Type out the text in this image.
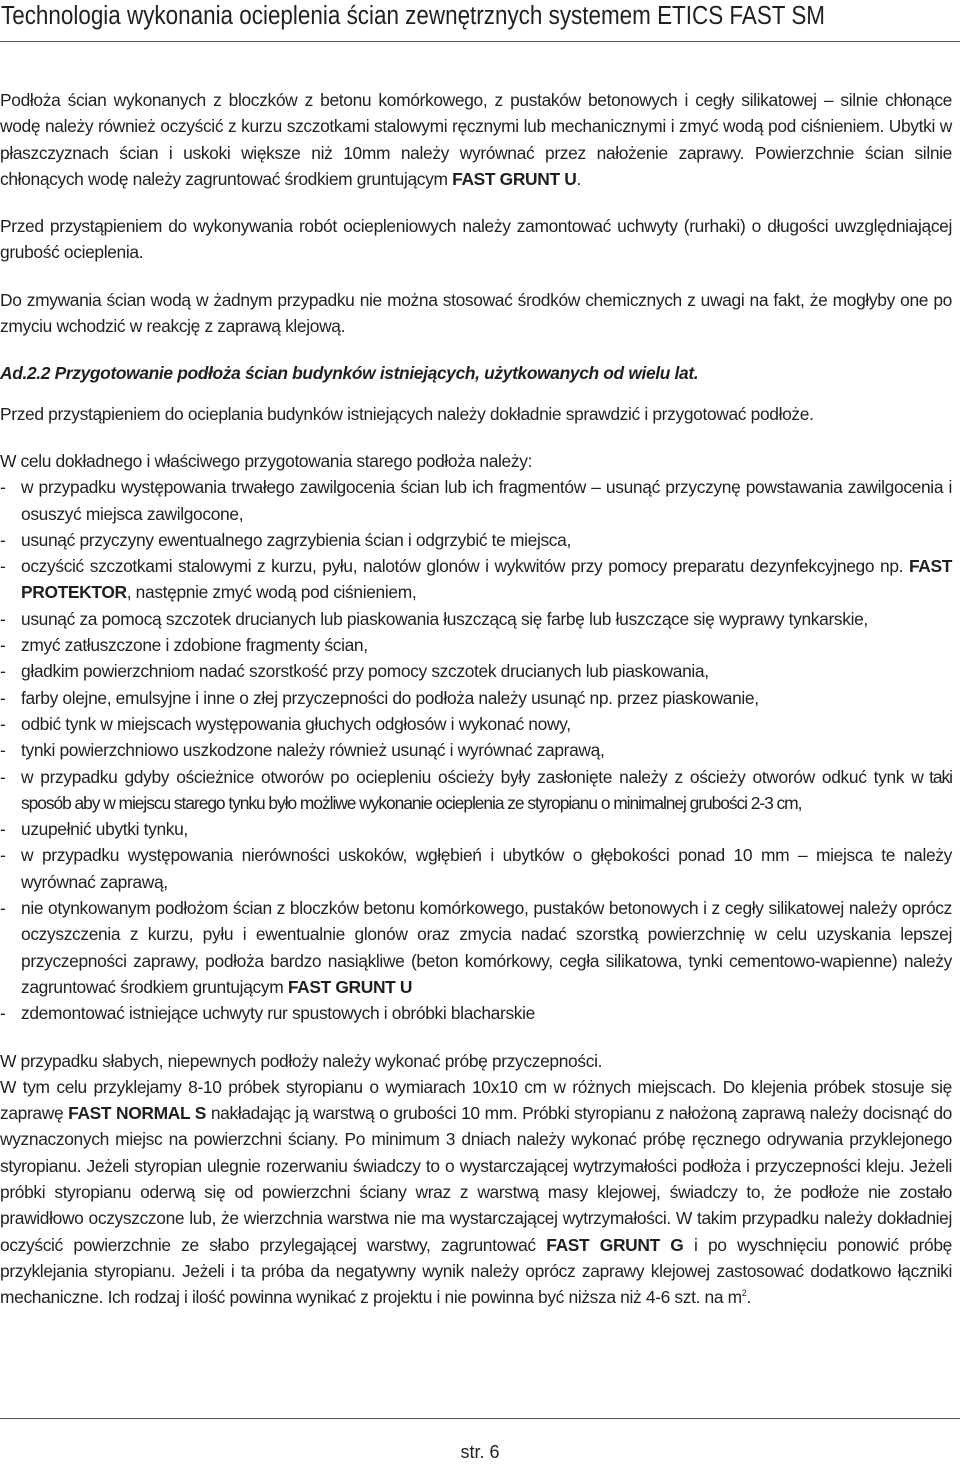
Technologia wykonania ocieplenia ścian zewnętrznych systemem ETICS FAST SM

Podłoża ścian wykonanych z bloczków z betonu komórkowego, z pustaków betonowych i cegły silikatowej – silnie chłonące wodę należy również oczyścić z kurzu szczotkami stalowymi ręcznymi lub mechanicznymi i zmyć wodą pod ciśnieniem. Ubytki w płaszczyznach ścian i uskoki większe niż 10mm należy wyrównać przez nałożenie zaprawy. Powierzchnie ścian silnie chłonących wodę należy zagruntować środkiem gruntującym FAST GRUNT U.

Przed przystąpieniem do wykonywania robót ociepleniowych należy zamontować uchwyty (rurhaki) o długości uwzględniającej grubość ocieplenia.

Do zmywania ścian wodą w żadnym przypadku nie można stosować środków chemicznych z uwagi na fakt, że mogłyby one po zmyciu wchodzić w reakcję z zaprawą klejową.

Ad.2.2 Przygotowanie podłoża ścian budynków istniejących, użytkowanych od wielu lat.

Przed przystąpieniem do ocieplania budynków istniejących należy dokładnie sprawdzić i przygotować podłoże.

W celu dokładnego i właściwego przygotowania starego podłoża należy:

- w przypadku występowania trwałego zawilgocenia ścian lub ich fragmentów – usunąć przyczynę powstawania zawilgocenia i osuszyć miejsca zawilgocone,
- usunąć przyczyny ewentualnego zagrzybienia ścian i odgrzybić te miejsca,
- oczyścić szczotkami stalowymi z kurzu, pyłu, nalotów glonów i wykwitów przy pomocy preparatu dezynfekcyjnego np. FAST PROTEKTOR, następnie zmyć wodą pod ciśnieniem,
- usunąć za pomocą szczotek drucianych lub piaskowania łuszczącą się farbę lub łuszczące się wyprawy tynkarskie,
- zmyć zatłuszczone i zdobione fragmenty ścian,
- gładkim powierzchniom nadać szorstkość przy pomocy szczotek drucianych lub piaskowania,
- farby olejne, emulsyjne i inne o złej przyczepności do podłoża należy usunąć np. przez piaskowanie,
- odbić tynk w miejscach występowania głuchych odgłosów i wykonać nowy,
- tynki powierzchniowo uszkodzone należy również usunąć i wyrównać zaprawą,
- w przypadku gdyby ościeżnice otworów po ociepleniu ościeży były zasłonięte należy z ościeży otworów odkuć tynk w taki sposób aby w miejscu starego tynku było możliwe wykonanie ocieplenia ze styropianu o minimalnej grubości 2-3 cm,
- uzupełnić ubytki tynku,
- w przypadku występowania nierówności uskoków, wgłębień i ubytków o głębokości ponad 10 mm – miejsca te należy wyrównać zaprawą,
- nie otynkowanym podłożom ścian z bloczków betonu komórkowego, pustaków betonowych i z cegły silikatowej należy oprócz oczyszczenia z kurzu, pyłu i ewentualnie glonów oraz zmycia nadać szorstką powierzchnię w celu uzyskania lepszej przyczepności zaprawy, podłoża bardzo nasiąkliwe (beton komórkowy, cegła silikatowa, tynki cementowo-wapienne) należy zagruntować środkiem gruntującym FAST GRUNT U
- zdemontować istniejące uchwyty rur spustowych i obróbki blacharskie

W przypadku słabych, niepewnych podłoży należy wykonać próbę przyczepności.

W tym celu przyklejamy 8-10 próbek styropianu o wymiarach 10x10 cm w różnych miejscach. Do klejenia próbek stosuje się zaprawę FAST NORMAL S nakładając ją warstwą o grubości 10 mm. Próbki styropianu z nałożoną zaprawą należy docisnąć do wyznaczonych miejsc na powierzchni ściany. Po minimum 3 dniach należy wykonać próbę ręcznego odrywania przyklejonego styropianu. Jeżeli styropian ulegnie rozerwaniu świadczy to o wystarczającej wytrzymałości podłoża i przyczepności kleju. Jeżeli próbki styropianu oderwą się od powierzchni ściany wraz z warstwą masy klejowej, świadczy to, że podłoże nie zostało prawidłowo oczyszczone lub, że wierzchnia warstwa nie ma wystarczającej wytrzymałości. W takim przypadku należy dokładniej oczyścić powierzchnie ze słabo przylegającej warstwy, zagruntować FAST GRUNT G i po wyschnięciu ponowić próbę przyklejania styropianu. Jeżeli i ta próba da negatywny wynik należy oprócz zaprawy klejowej zastosować dodatkowo łączniki mechaniczne. Ich rodzaj i ilość powinna wynikać z projektu i nie powinna być niższa niż 4-6 szt. na $m^2$.

str. 6
